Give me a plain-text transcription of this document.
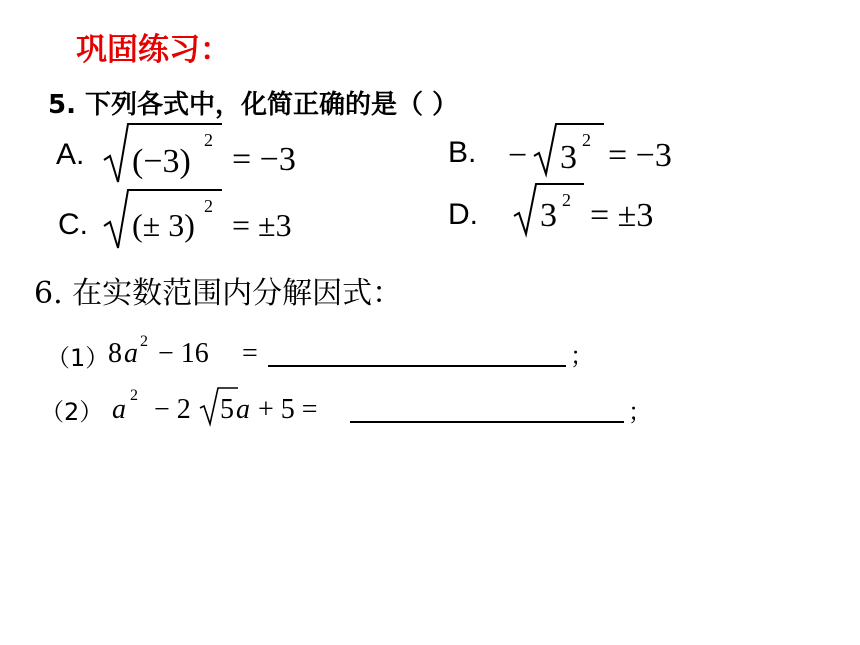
巩固练习：
5. 下列各式中，化简正确的是（ ）
A. (−3)
2
= −3	B. − 3 2 = −3
C. (± 3)
2
= ±3	D. 3 2 = ±3
6. 在实数范围内分解因式：
（1）
8 a 2 − 16 =	；
（2） a 2 − 2 5 a + 5 =	；
